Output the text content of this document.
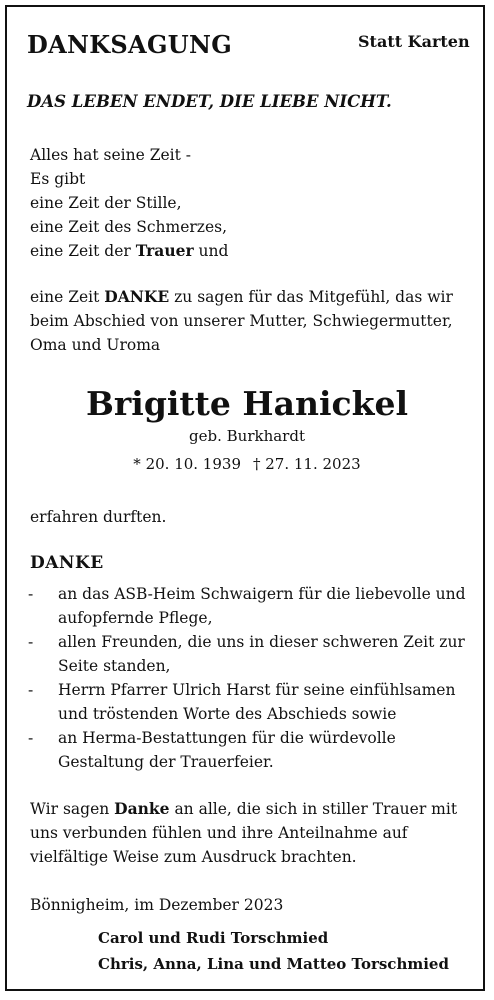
DANKSAGUNG	Statt Karten
DAS LEBEN ENDET, DIE LIEBE NICHT.
Alles hat seine Zeit -
Es gibt
eine Zeit der Stille,
eine Zeit des Schmerzes,
eine Zeit der Trauer und
eine Zeit DANKE zu sagen für das Mitgefühl, das wir
beim Abschied von unserer Mutter, Schwiegermutter,
Oma und Uroma
Brigitte Hanickel
geb. Burkhardt
* 20. 10. 1939 † 27. 11. 2023
erfahren durften.
DANKE
- an das ASB-Heim Schwaigern für die liebevolle und
aufopfernde Pflege,
- allen Freunden, die uns in dieser schweren Zeit zur
Seite standen,
- Herrn Pfarrer Ulrich Harst für seine einfühlsamen
und tröstenden Worte des Abschieds sowie
- an Herma-Bestattungen für die würdevolle
Gestaltung der Trauerfeier.
Wir sagen Danke an alle, die sich in stiller Trauer mit
uns verbunden fühlen und ihre Anteilnahme auf
vielfältige Weise zum Ausdruck brachten.
Bönnigheim, im Dezember 2023
Carol und Rudi Torschmied
Chris, Anna, Lina und Matteo Torschmied
